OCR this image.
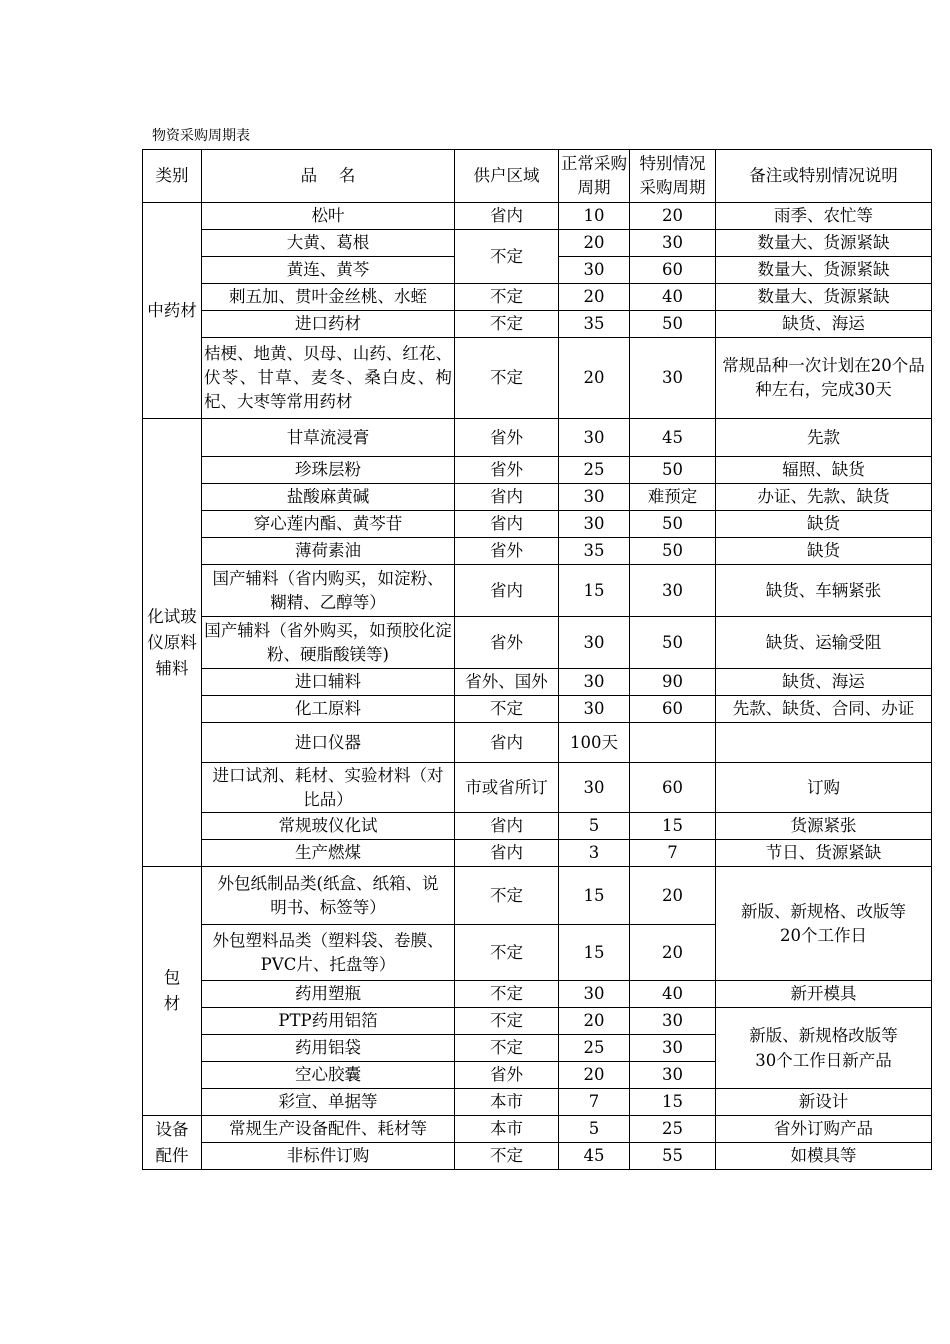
物资采购周期表
类别	品　 名	供户区域	正常采购周期	特别情况采购周期	备注或特别情况说明
中药材	松叶	省内	10	20	雨季、农忙等
	大黄、葛根	不定	20	30	数量大、货源紧缺
	黄连、黄芩		30	60	数量大、货源紧缺
	刺五加、贯叶金丝桃、水蛭	不定	20	40	数量大、货源紧缺
	进口药材	不定	35	50	缺货、海运
	桔梗、地黄、贝母、山药、红花、伏苓、甘草、麦冬、桑白皮、枸杞、大枣等常用药材	不定	20	30	常规品种一次计划在20个品种左右，完成30天
化试玻仪原料辅料	甘草流浸膏	省外	30	45	先款
	珍珠层粉	省外	25	50	辐照、缺货
	盐酸麻黄碱	省内	30	难预定	办证、先款、缺货
	穿心莲内酯、黄芩苷	省内	30	50	缺货
	薄荷素油	省外	35	50	缺货
	国产辅料（省内购买，如淀粉、糊精、乙醇等）	省内	15	30	缺货、车辆紧张
	国产辅料（省外购买，如预胶化淀粉、硬脂酸镁等)	省外	30	50	缺货、运输受阻
	进口辅料	省外、国外	30	90	缺货、海运
	化工原料	不定	30	60	先款、缺货、合同、办证
	进口仪器	省内	100天		
	进口试剂、耗材、实验材料（对比品）	市或省所订	30	60	订购
	常规玻仪化试	省内	5	15	货源紧张
	生产燃煤	省内	3	7	节日、货源紧缺
包材	外包纸制品类(纸盒、纸箱、说明书、标签等）	不定	15	20	新版、新规格、改版等20个工作日
	外包塑料品类（塑料袋、卷膜、PVC片、托盘等）	不定	15	20	
	药用塑瓶	不定	30	40	新开模具
	PTP药用铝箔	不定	20	30	新版、新规格改版等30个工作日新产品
	药用铝袋	不定	25	30	
	空心胶囊	省外	20	30	
	彩宣、单据等	本市	7	15	新设计
设备配件	常规生产设备配件、耗材等	本市	5	25	省外订购产品
	非标件订购	不定	45	55	如模具等
